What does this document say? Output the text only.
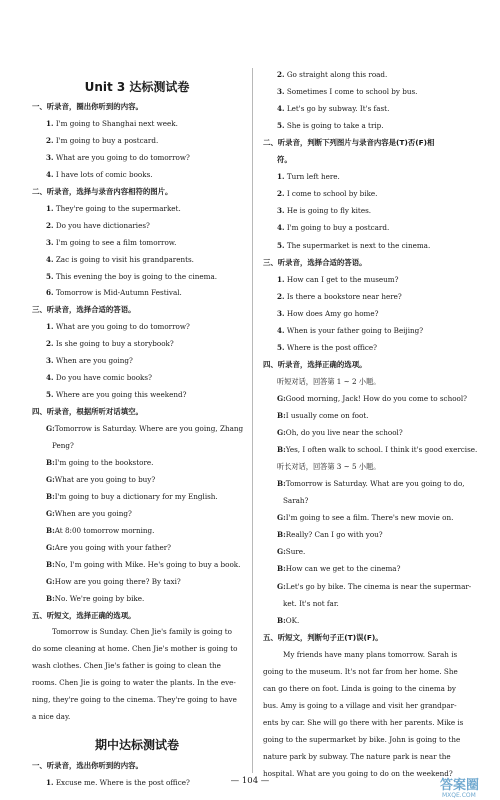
Unit 3 达标测试卷
一、听录音，圈出你听到的内容。
1. I'm going to Shanghai next week.
2. I'm going to buy a postcard.
3. What are you going to do tomorrow?
4. I have lots of comic books.
二、听录音，选择与录音内容相符的图片。
1. They're going to the supermarket.
2. Do you have dictionaries?
3. I'm going to see a film tomorrow.
4. Zac is going to visit his grandparents.
5. This evening the boy is going to the cinema.
6. Tomorrow is Mid-Autumn Festival.
三、听录音，选择合适的答语。
1. What are you going to do tomorrow?
2. Is she going to buy a storybook?
3. When are you going?
4. Do you have comic books?
5. Where are you going this weekend?
四、听录音，根据所听对话填空。
G:Tomorrow is Saturday. Where are you going, Zhang
Peng?
B:I'm going to the bookstore.
G:What are you going to buy?
B:I'm going to buy a dictionary for my English.
G:When are you going?
B:At 8:00 tomorrow morning.
G:Are you going with your father?
B:No, I'm going with Mike. He's going to buy a book.
G:How are you going there? By taxi?
B:No. We're going by bike.
五、听短文，选择正确的选项。
Tomorrow is Sunday. Chen Jie's family is going to
do some cleaning at home. Chen Jie's mother is going to
wash clothes. Chen Jie's father is going to clean the
rooms. Chen Jie is going to water the plants. In the eve-
ning, they're going to the cinema. They're going to have
a nice day.
期中达标测试卷
一、听录音，选出你听到的内容。
1. Excuse me. Where is the post office?
2. Go straight along this road.
3. Sometimes I come to school by bus.
4. Let's go by subway. It's fast.
5. She is going to take a trip.
二、听录音，判断下列图片与录音内容是(T)否(F)相
符。
1. Turn left here.
2. I come to school by bike.
3. He is going to fly kites.
4. I'm going to buy a postcard.
5. The supermarket is next to the cinema.
三、听录音，选择合适的答语。
1. How can I get to the museum?
2. Is there a bookstore near here?
3. How does Amy go home?
4. When is your father going to Beijing?
5. Where is the post office?
四、听录音，选择正确的选项。
听短对话，回答第 1 ~ 2 小题。
G:Good morning, Jack! How do you come to school?
B:I usually come on foot.
G:Oh, do you live near the school?
B:Yes, I often walk to school. I think it's good exercise.
听长对话，回答第 3 ~ 5 小题。
B:Tomorrow is Saturday. What are you going to do,
Sarah?
G:I'm going to see a film. There's new movie on.
B:Really? Can I go with you?
G:Sure.
B:How can we get to the cinema?
G:Let's go by bike. The cinema is near the supermar-
ket. It's not far.
B:OK.
五、听短文，判断句子正(T)误(F)。
My friends have many plans tomorrow. Sarah is
going to the museum. It's not far from her home. She
can go there on foot. Linda is going to the cinema by
bus. Amy is going to a village and visit her grandpar-
ents by car. She will go there with her parents. Mike is
going to the supermarket by bike. John is going to the
nature park by subway. The nature park is near the
hospital. What are you going to do on the weekend?
— 104 —	答案圈
MXQE.COM
